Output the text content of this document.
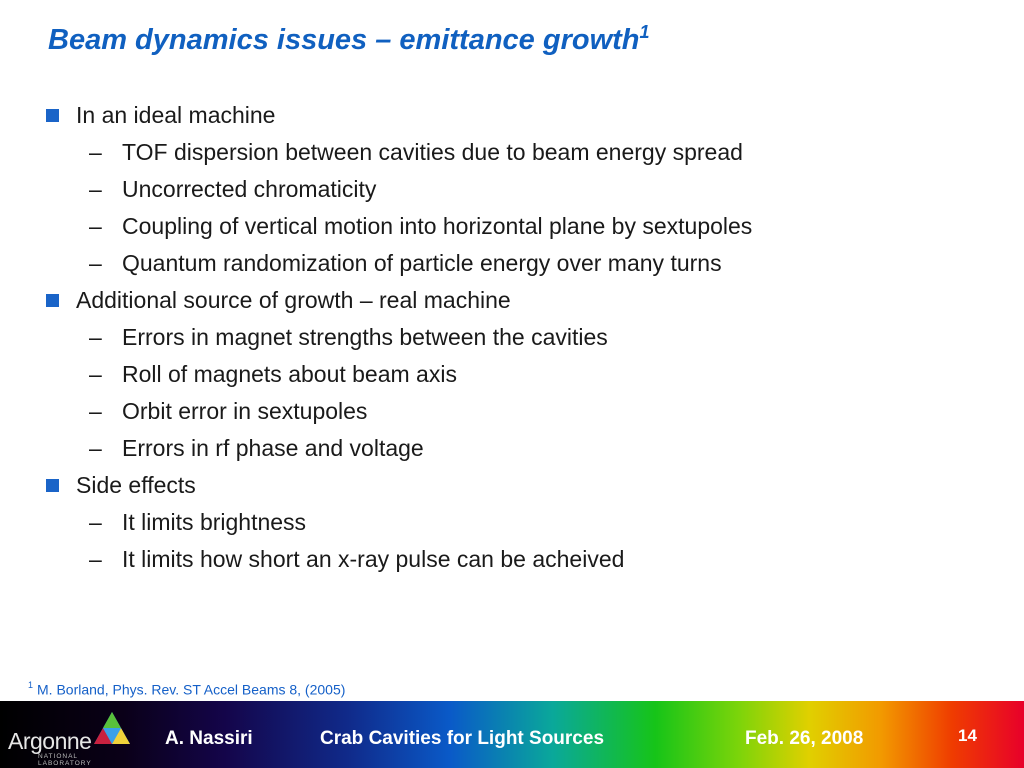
Beam dynamics issues – emittance growth$^1$
In an ideal machine
– TOF dispersion between cavities due to beam energy spread
– Uncorrected chromaticity
– Coupling of vertical motion into horizontal plane by sextupoles
– Quantum randomization of particle energy over many turns
Additional source of growth – real machine
– Errors in magnet strengths between the cavities
– Roll of magnets about beam axis
– Orbit error in sextupoles
– Errors in rf phase and voltage
Side effects
– It limits brightness
– It limits how short an x-ray pulse can be acheived
$^1$ M. Borland, Phys. Rev. ST Accel Beams 8, (2005)
Argonne
NATIONAL LABORATORY
A. Nassiri	Crab Cavities for Light Sources	Feb. 26, 2008	14
